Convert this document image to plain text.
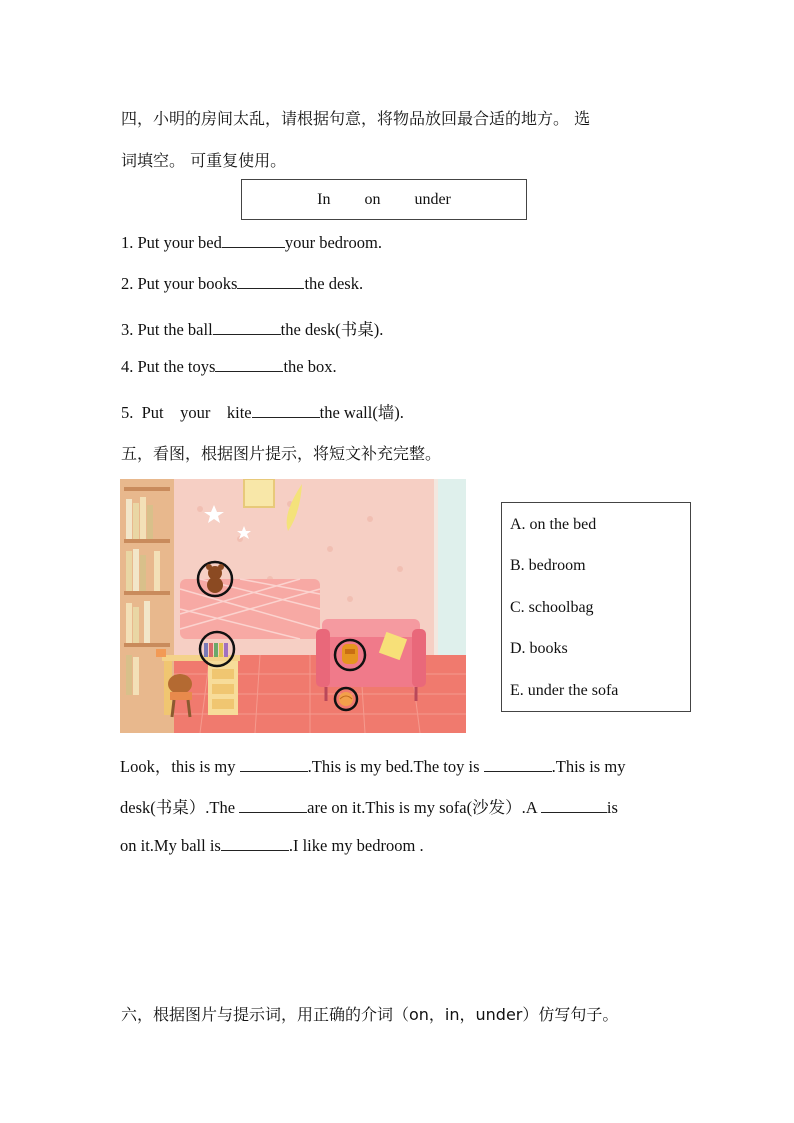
四，小明的房间太乱，请根据句意，将物品放回最合适的地方。 选
词填空。 可重复使用。
In on under
1. Put your bed	your bedroom.
2. Put your books	the desk.
3. Put the ball	the desk(书桌).
4. Put the toys	the box.
5.  Put    your    kite	the wall(墙).
五，看图，根据图片提示，将短文补充完整。
A. on the bed
B. bedroom
C. schoolbag
D. books
E. under the sofa
Look，this is my	.This is my bed.The toy is	.This is my
desk(书桌）.The	are on it.This is my sofa(沙发）.A	is
on it.My ball is	.I like my bedroom .
六，根据图片与提示词，用正确的介词（on，in，under）仿写句子。
